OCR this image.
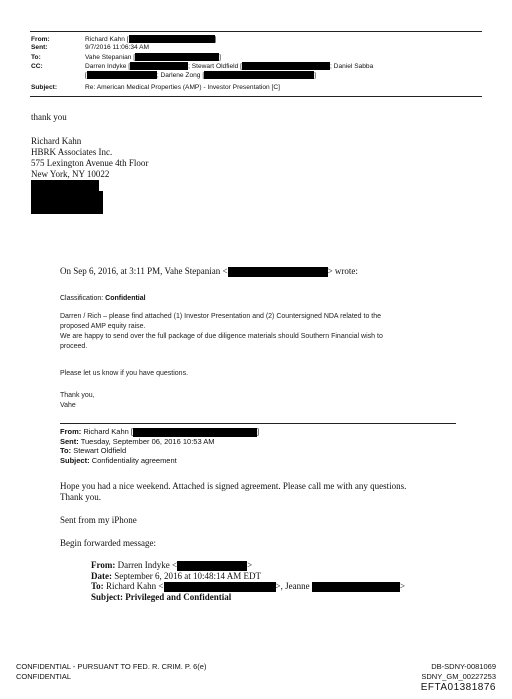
From:	Richard Kahn	]
Sent:	9/7/2016 11:06:34 AM
To:	Vahe Stepanian	]
CC:	Darren Indyke	; Stewart Oldfield	; Daniel Sabba
; Darlene Zong	]
Subject:	Re: American Medical Properties (AMP) - Investor Presentation [C]
thank you
Richard Kahn
HBRK Associates Inc.
575 Lexington Avenue 4th Floor
New York, NY 10022
On Sep 6, 2016, at 3:11 PM, Vahe Stepanian <	> wrote:
Classification: Confidential
Darren / Rich – please find attached (1) Investor Presentation and (2) Countersigned NDA related to the
proposed AMP equity raise.
We are happy to send over the full package of due diligence materials should Southern Financial wish to
proceed.
Please let us know if you have questions.
Thank you,
Vahe
From: Richard Kahn [	]
Sent: Tuesday, September 06, 2016 10:53 AM
To: Stewart Oldfield
Subject: Confidentiality agreement
Hope you had a nice weekend. Attached is signed agreement. Please call me with any questions.
Thank you.
Sent from my iPhone
Begin forwarded message:
From: Darren Indyke <	>
Date: September 6, 2016 at 10:48:14 AM EDT
To: Richard Kahn <	>, Jeanne	>
Subject: Privileged and Confidential
CONFIDENTIAL - PURSUANT TO FED. R. CRIM. P. 6(e)
CONFIDENTIAL
DB-SDNY-0081069
SDNY_GM_00227253
EFTA01381876
